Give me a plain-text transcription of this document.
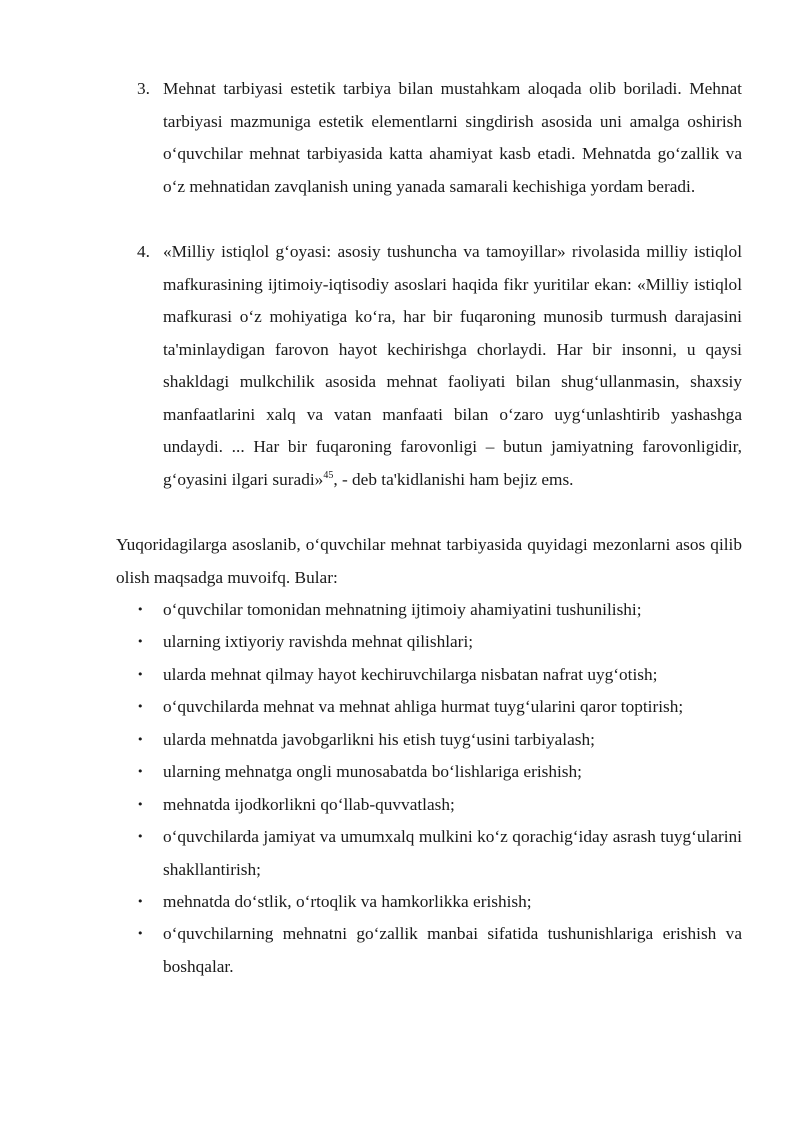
3. Mehnat tarbiyasi estetik tarbiya bilan mustahkam aloqada olib boriladi. Mehnat tarbiyasi mazmuniga estetik elementlarni singdirish asosida uni amalga oshirish o‘quvchilar mehnat tarbiyasida katta ahamiyat kasb etadi. Mehnatda go‘zallik va o‘z mehnatidan zavqlanish uning yanada samarali kechishiga yordam beradi.
4. «Milliy istiqlol g‘oyasi: asosiy tushuncha va tamoyillar» rivolasida milliy istiqlol mafkurasining ijtimoiy-iqtisodiy asoslari haqida fikr yuritilar ekan: «Milliy istiqlol mafkurasi o‘z mohiyatiga ko‘ra, har bir fuqaroning munosib turmush darajasini ta'minlaydigan farovon hayot kechirishga chorlaydi. Har bir insonni, u qaysi shakldagi mulkchilik asosida mehnat faoliyati bilan shug‘ullanmasin, shaxsiy manfaatlarini xalq va vatan manfaati bilan o‘zaro uyg‘unlashtirib yashashga undaydi. ... Har bir fuqaroning farovonligi – butun jamiyatning farovonligidir, g‘oyasini ilgari suradi»$^{45}$, - deb ta'kidlanishi ham bejiz ems.
Yuqoridagilarga asoslanib, o‘quvchilar mehnat tarbiyasida quyidagi mezonlarni asos qilib olish maqsadga muvoifq. Bular:
• o‘quvchilar tomonidan mehnatning ijtimoiy ahamiyatini tushunilishi;
• ularning ixtiyoriy ravishda mehnat qilishlari;
• ularda mehnat qilmay hayot kechiruvchilarga nisbatan nafrat uyg‘otish;
• o‘quvchilarda mehnat va mehnat ahliga hurmat tuyg‘ularini qaror toptirish;
• ularda mehnatda javobgarlikni his etish tuyg‘usini tarbiyalash;
• ularning mehnatga ongli munosabatda bo‘lishlariga erishish;
• mehnatda ijodkorlikni qo‘llab-quvvatlash;
• o‘quvchilarda jamiyat va umumxalq mulkini ko‘z qorachig‘iday asrash tuyg‘ularini shakllantirish;
• mehnatda do‘stlik, o‘rtoqlik va hamkorlikka erishish;
• o‘quvchilarning mehnatni go‘zallik manbai sifatida tushunishlariga erishish va boshqalar.
